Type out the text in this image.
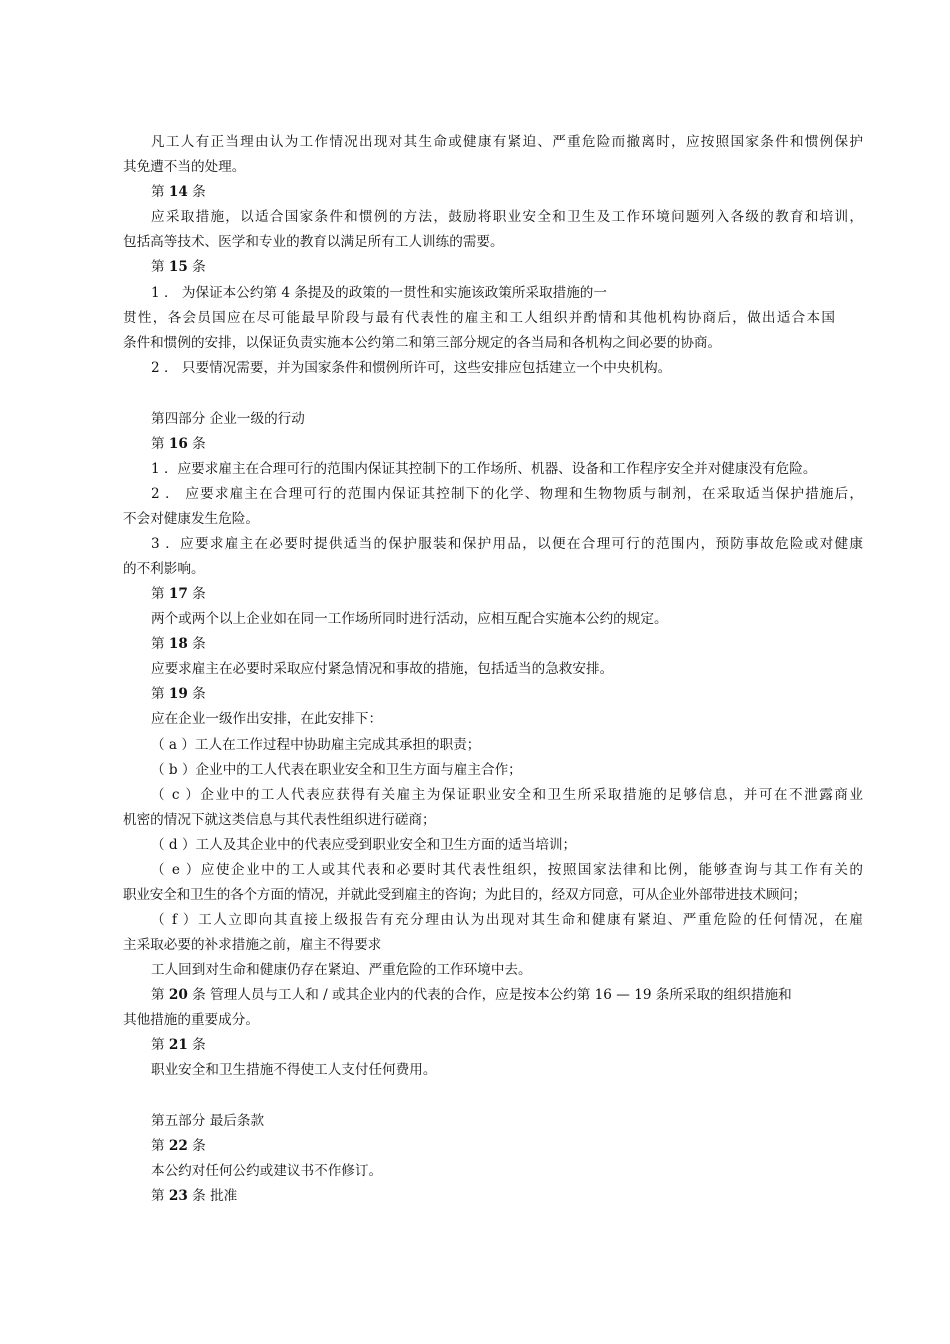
凡工人有正当理由认为工作情况出现对其生命或健康有紧迫、严重危险而撤离时，应按照国家条件和惯例保护
其免遭不当的处理。
第 14 条
应采取措施，以适合国家条件和惯例的方法，鼓励将职业安全和卫生及工作环境问题列入各级的教育和培训，
包括高等技术、医学和专业的教育以满足所有工人训练的需要。
第 15 条
1 ． 为保证本公约第 4 条提及的政策的一贯性和实施该政策所采取措施的一
贯性，各会员国应在尽可能最早阶段与最有代表性的雇主和工人组织并酌情和其他机构协商后，做出适合本国
条件和惯例的安排，以保证负责实施本公约第二和第三部分规定的各当局和各机构之间必要的协商。
2 ． 只要情况需要，并为国家条件和惯例所许可，这些安排应包括建立一个中央机构。
第四部分 企业一级的行动
第 16 条
1 ．应要求雇主在合理可行的范围内保证其控制下的工作场所、机器、设备和工作程序安全并对健康没有危险。
2 ． 应要求雇主在合理可行的范围内保证其控制下的化学、物理和生物物质与制剂，在采取适当保护措施后，
不会对健康发生危险。
3 ．应要求雇主在必要时提供适当的保护服装和保护用品，以便在合理可行的范围内，预防事故危险或对健康
的不利影响。
第 17 条
两个或两个以上企业如在同一工作场所同时进行活动，应相互配合实施本公约的规定。
第 18 条
应要求雇主在必要时采取应付紧急情况和事故的措施，包括适当的急救安排。
第 19 条
应在企业一级作出安排，在此安排下：
（ a ）工人在工作过程中协助雇主完成其承担的职责；
（ b ）企业中的工人代表在职业安全和卫生方面与雇主合作；
（ c ）企业中的工人代表应获得有关雇主为保证职业安全和卫生所采取措施的足够信息，并可在不泄露商业
机密的情况下就这类信息与其代表性组织进行磋商；
（ d ）工人及其企业中的代表应受到职业安全和卫生方面的适当培训；
（ e ）应使企业中的工人或其代表和必要时其代表性组织，按照国家法律和比例，能够查询与其工作有关的
职业安全和卫生的各个方面的情况，并就此受到雇主的咨询；为此目的，经双方同意，可从企业外部带进技术顾问；
（ f ）工人立即向其直接上级报告有充分理由认为出现对其生命和健康有紧迫、严重危险的任何情况，在雇
主采取必要的补求措施之前，雇主不得要求
工人回到对生命和健康仍存在紧迫、严重危险的工作环境中去。
第 20 条 管理人员与工人和 / 或其企业内的代表的合作，应是按本公约第 16 — 19 条所采取的组织措施和
其他措施的重要成分。
第 21 条
职业安全和卫生措施不得使工人支付任何费用。
第五部分 最后条款
第 22 条
本公约对任何公约或建议书不作修订。
第 23 条 批准
